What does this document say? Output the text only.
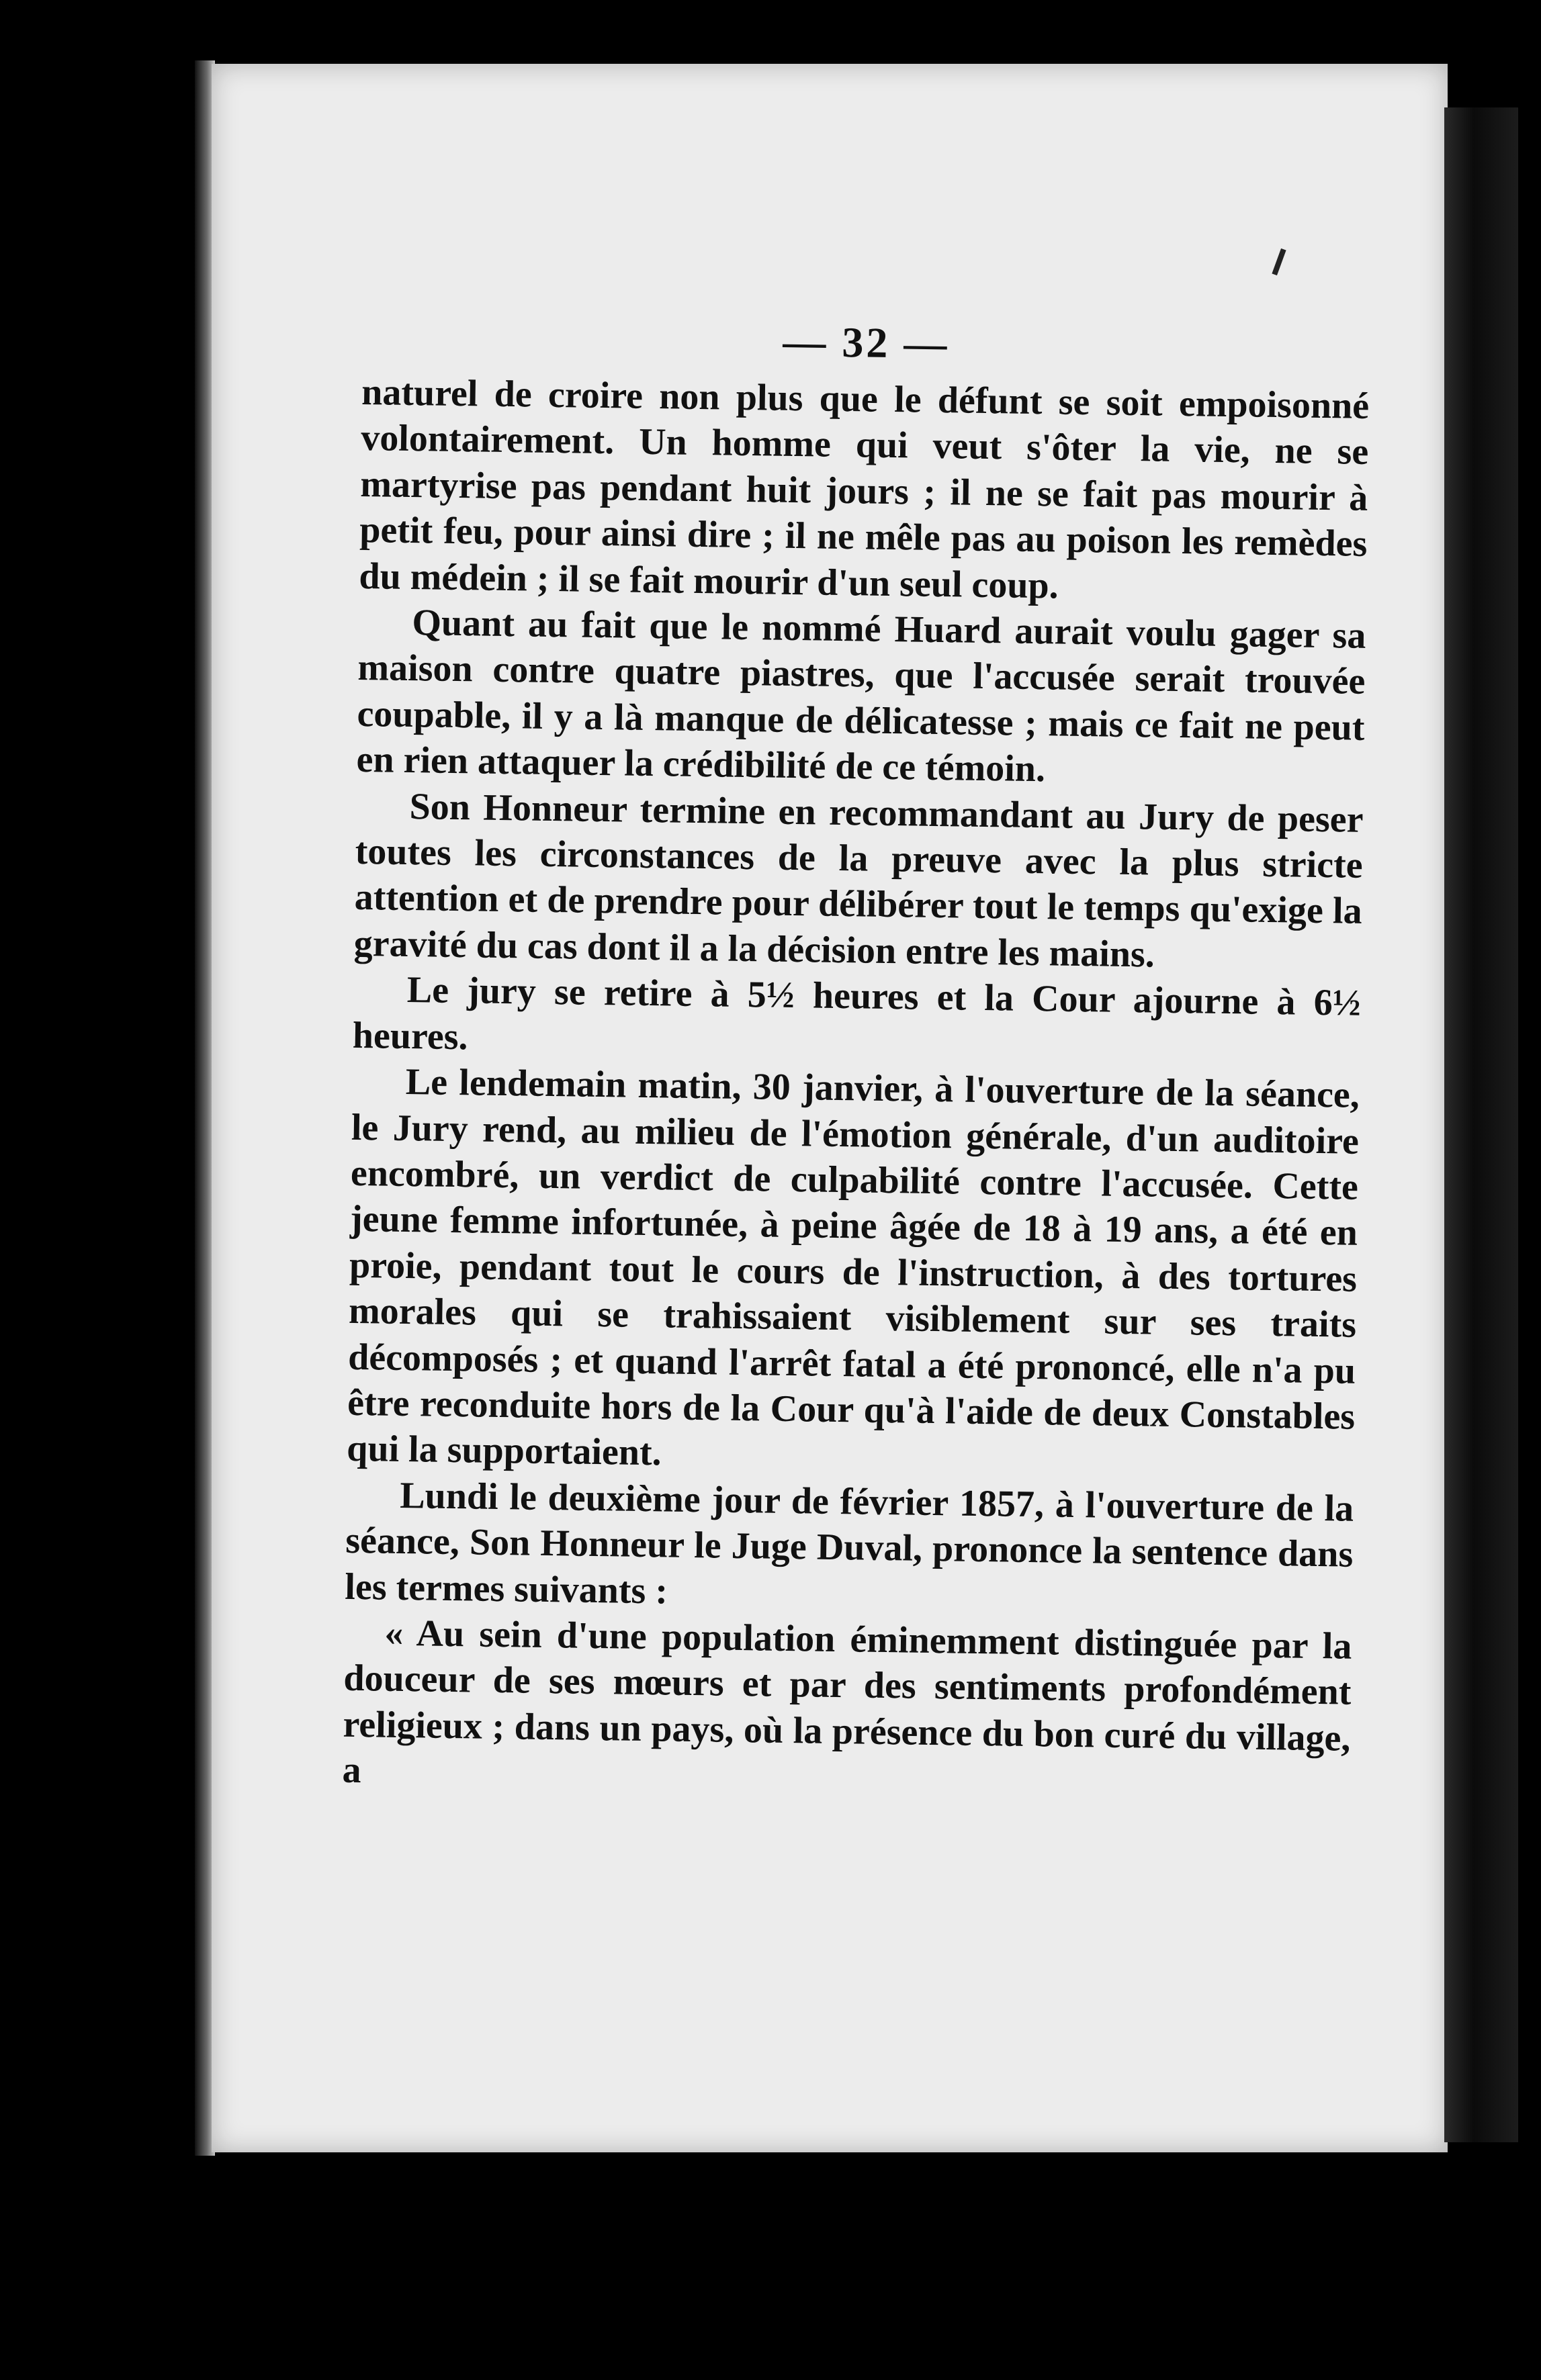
— 32 —

naturel de croire non plus que le défunt se soit empoisonné volontairement. Un homme qui veut s'ôter la vie, ne se martyrise pas pendant huit jours ; il ne se fait pas mourir à petit feu, pour ainsi dire ; il ne mêle pas au poison les remèdes du médein ; il se fait mourir d'un seul coup.

Quant au fait que le nommé Huard aurait voulu gager sa maison contre quatre piastres, que l'accusée serait trouvée coupable, il y a là manque de délicatesse ; mais ce fait ne peut en rien attaquer la crédibilité de ce témoin.

Son Honneur termine en recommandant au Jury de peser toutes les circonstances de la preuve avec la plus stricte attention et de prendre pour délibérer tout le temps qu'exige la gravité du cas dont il a la décision entre les mains.

Le jury se retire à 5½ heures et la Cour ajourne à 6½ heures.

Le lendemain matin, 30 janvier, à l'ouverture de la séance, le Jury rend, au milieu de l'émotion générale, d'un auditoire encombré, un verdict de culpabilité contre l'accusée. Cette jeune femme infortunée, à peine âgée de 18 à 19 ans, a été en proie, pendant tout le cours de l'instruction, à des tortures morales qui se trahissaient visiblement sur ses traits décomposés ; et quand l'arrêt fatal a été prononcé, elle n'a pu être reconduite hors de la Cour qu'à l'aide de deux Constables qui la supportaient.

Lundi le deuxième jour de février 1857, à l'ouverture de la séance, Son Honneur le Juge Duval, prononce la sentence dans les termes suivants :

« Au sein d'une population éminemment distinguée par la douceur de ses mœurs et par des sentiments profondément religieux ; dans un pays, où la présence du bon curé du village, a
